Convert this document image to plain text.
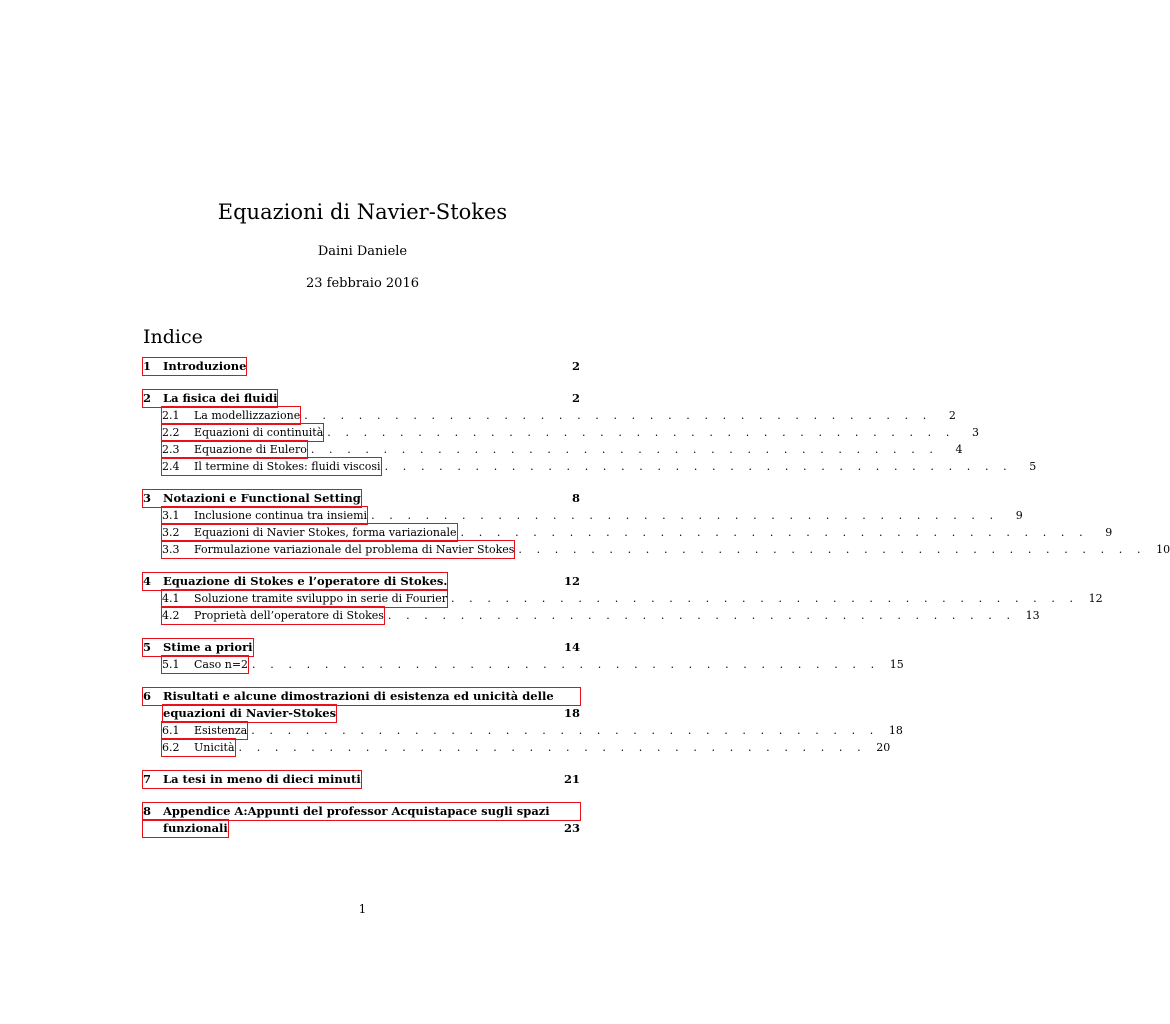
Equazioni di Navier-Stokes
Daini Daniele
23 febbraio 2016
Indice
1	Introduzione	2
2	La fisica dei fluidi	2
2.1	La modellizzazione . . . . . . . . . . . . . . . . . . . . . . . . . . . . . . . . . . .	2
2.2	Equazioni di continuità . . . . . . . . . . . . . . . . . . . . . . . . . . . . . . . . . . .	3
2.3	Equazione di Eulero . . . . . . . . . . . . . . . . . . . . . . . . . . . . . . . . . . .	4
2.4	Il termine di Stokes: fluidi viscosi . . . . . . . . . . . . . . . . . . . . . . . . . . . . . . . . . . .	5
3	Notazioni e Functional Setting	8
3.1	Inclusione continua tra insiemi . . . . . . . . . . . . . . . . . . . . . . . . . . . . . . . . . . .	9
3.2	Equazioni di Navier Stokes, forma variazionale . . . . . . . . . . . . . . . . . . . . . . . . . . . . . . . . . . .	9
3.3	Formulazione variazionale del problema di Navier Stokes . . . . . . . . . . . . . . . . . . . . . . . . . . . . . . . . . . . 10
4	Equazione di Stokes e l’operatore di Stokes.	12
4.1	Soluzione tramite sviluppo in serie di Fourier . . . . . . . . . . . . . . . . . . . . . . . . . . . . . . . . . . . 12
4.2	Proprietà dell’operatore di Stokes . . . . . . . . . . . . . . . . . . . . . . . . . . . . . . . . . . . 13
5	Stime a priori	14
5.1	Caso n=2 . . . . . . . . . . . . . . . . . . . . . . . . . . . . . . . . . . . 15
6	Risultati e alcune dimostrazioni di esistenza ed unicità delle
equazioni di Navier-Stokes	18
6.1	Esistenza . . . . . . . . . . . . . . . . . . . . . . . . . . . . . . . . . . . 18
6.2	Unicità . . . . . . . . . . . . . . . . . . . . . . . . . . . . . . . . . . . 20
7	La tesi in meno di dieci minuti	21
8	Appendice A:Appunti del professor Acquistapace sugli spazi
funzionali	23
1
